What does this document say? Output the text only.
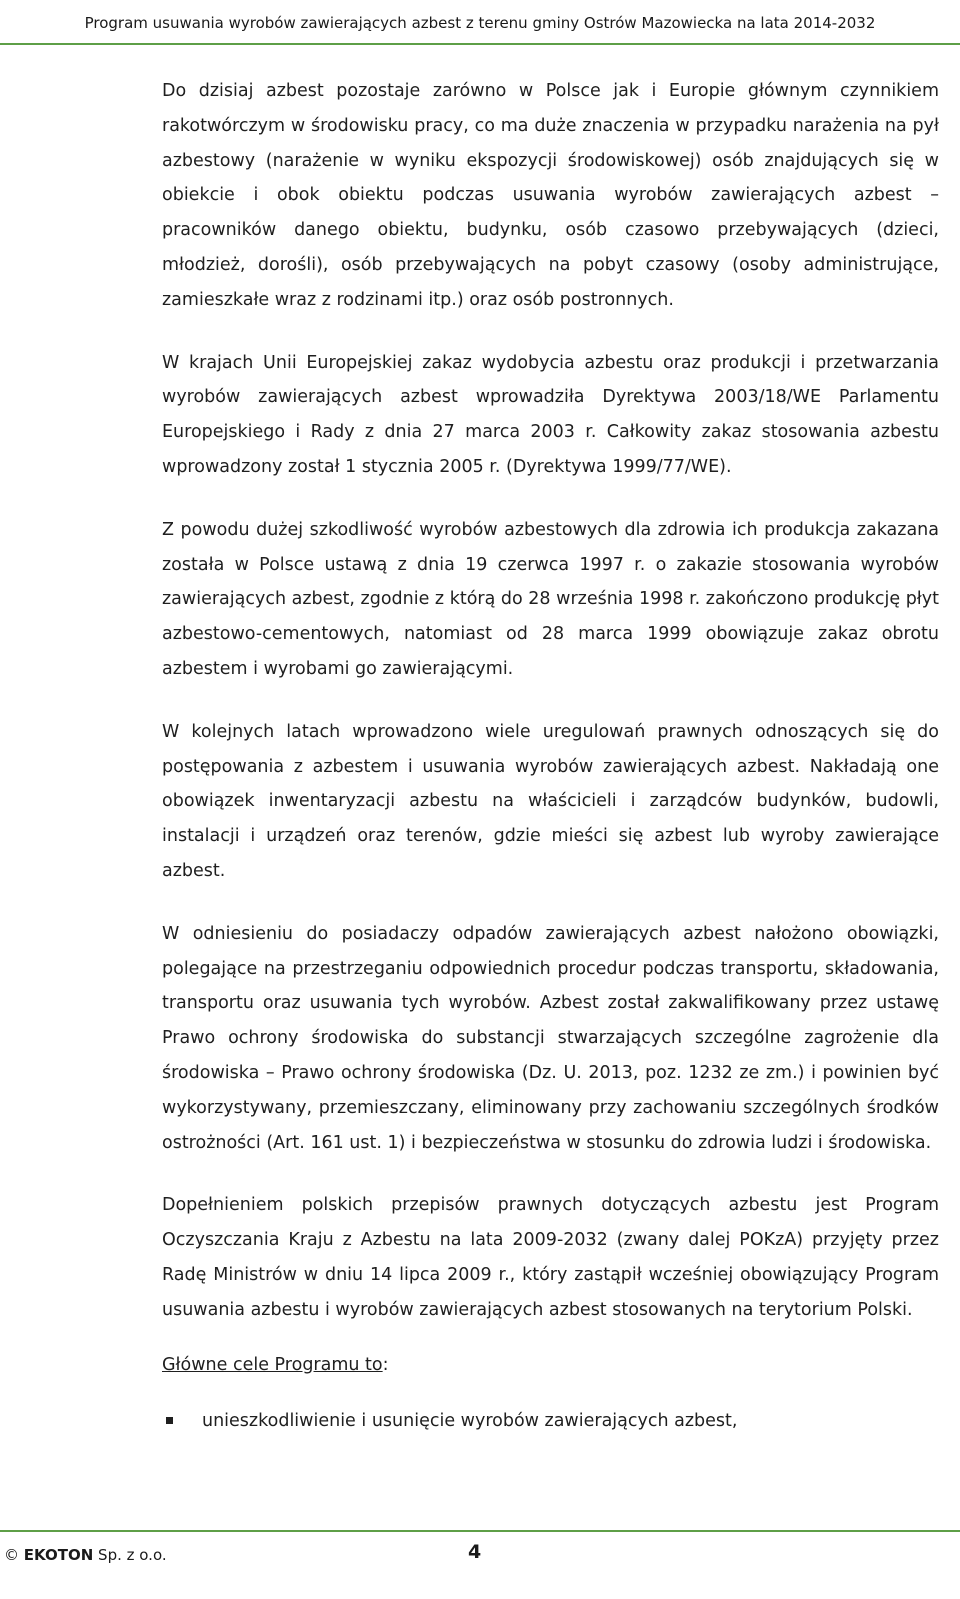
Program usuwania wyrobów zawierających azbest z terenu gminy Ostrów Mazowiecka na lata 2014-2032

Do dzisiaj azbest pozostaje zarówno w Polsce jak i Europie głównym czynnikiem rakotwórczym w środowisku pracy, co ma duże znaczenia w przypadku narażenia na pył azbestowy (narażenie w wyniku ekspozycji środowiskowej) osób znajdujących się w obiekcie i obok obiektu podczas usuwania wyrobów zawierających azbest – pracowników danego obiektu, budynku, osób czasowo przebywających (dzieci, młodzież, dorośli), osób przebywających na pobyt czasowy (osoby administrujące, zamieszkałe wraz z rodzinami itp.) oraz osób postronnych.

W krajach Unii Europejskiej zakaz wydobycia azbestu oraz produkcji i przetwarzania wyrobów zawierających azbest wprowadziła Dyrektywa 2003/18/WE Parlamentu Europejskiego i Rady z dnia 27 marca 2003 r. Całkowity zakaz stosowania azbestu wprowadzony został 1 stycznia 2005 r. (Dyrektywa 1999/77/WE).

Z powodu dużej szkodliwość wyrobów azbestowych dla zdrowia ich produkcja zakazana została w Polsce ustawą z dnia 19 czerwca 1997 r. o zakazie stosowania wyrobów zawierających azbest, zgodnie z którą do 28 września 1998 r. zakończono produkcję płyt azbestowo-cementowych, natomiast od 28 marca 1999 obowiązuje zakaz obrotu azbestem i wyrobami go zawierającymi.

W kolejnych latach wprowadzono wiele uregulowań prawnych odnoszących się do postępowania z azbestem i usuwania wyrobów zawierających azbest. Nakładają one obowiązek inwentaryzacji azbestu na właścicieli i zarządców budynków, budowli, instalacji i urządzeń oraz terenów, gdzie mieści się azbest lub wyroby zawierające azbest.

W odniesieniu do posiadaczy odpadów zawierających azbest nałożono obowiązki, polegające na przestrzeganiu odpowiednich procedur podczas transportu, składowania, transportu oraz usuwania tych wyrobów. Azbest został zakwalifikowany przez ustawę Prawo ochrony środowiska do substancji stwarzających szczególne zagrożenie dla środowiska – Prawo ochrony środowiska (Dz. U. 2013, poz. 1232 ze zm.) i powinien być wykorzystywany, przemieszczany, eliminowany przy zachowaniu szczególnych środków ostrożności (Art. 161 ust. 1) i bezpieczeństwa w stosunku do zdrowia ludzi i środowiska.

Dopełnieniem polskich przepisów prawnych dotyczących azbestu jest Program Oczyszczania Kraju z Azbestu na lata 2009-2032 (zwany dalej POKzA) przyjęty przez Radę Ministrów w dniu 14 lipca 2009 r., który zastąpił wcześniej obowiązujący Program usuwania azbestu i wyrobów zawierających azbest stosowanych na terytorium Polski.

Główne cele Programu to:

unieszkodliwienie i usunięcie wyrobów zawierających azbest,
© EKOTON Sp. z o.o.	4
